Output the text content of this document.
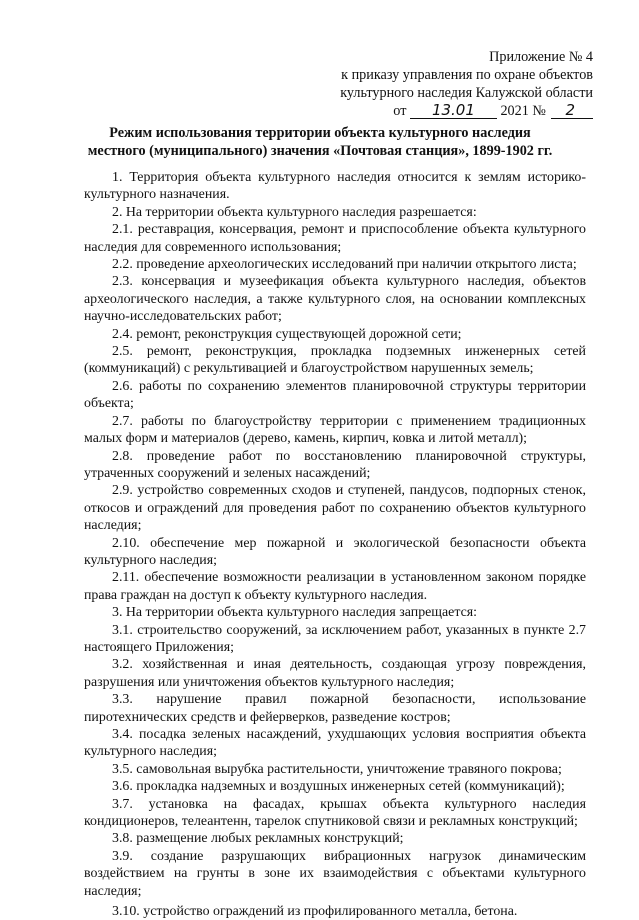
Приложение № 4
к приказу управления по охране объектов
культурного наследия Калужской области
от 13.01 2021 № 2
Режим использования территории объекта культурного наследия местного (муниципального) значения «Почтовая станция», 1899-1902 гг.

1. Территория объекта культурного наследия относится к землям историко-культурного назначения.

2. На территории объекта культурного наследия разрешается:

2.1. реставрация, консервация, ремонт и приспособление объекта культурного наследия для современного использования;

2.2. проведение археологических исследований при наличии открытого листа;

2.3. консервация и музеефикация объекта культурного наследия, объектов археологического наследия, а также культурного слоя, на основании комплексных научно-исследовательских работ;

2.4. ремонт, реконструкция существующей дорожной сети;

2.5. ремонт, реконструкция, прокладка подземных инженерных сетей (коммуникаций) с рекультивацией и благоустройством нарушенных земель;

2.6. работы по сохранению элементов планировочной структуры территории объекта;

2.7. работы по благоустройству территории с применением традиционных малых форм и материалов (дерево, камень, кирпич, ковка и литой металл);

2.8. проведение работ по восстановлению планировочной структуры, утраченных сооружений и зеленых насаждений;

2.9. устройство современных сходов и ступеней, пандусов, подпорных стенок, откосов и ограждений для проведения работ по сохранению объектов культурного наследия;

2.10. обеспечение мер пожарной и экологической безопасности объекта культурного наследия;

2.11. обеспечение возможности реализации в установленном законом порядке права граждан на доступ к объекту культурного наследия.

3. На территории объекта культурного наследия запрещается:

3.1. строительство сооружений, за исключением работ, указанных в пункте 2.7 настоящего Приложения;

3.2. хозяйственная и иная деятельность, создающая угрозу повреждения, разрушения или уничтожения объектов культурного наследия;

3.3. нарушение правил пожарной безопасности, использование пиротехнических средств и фейерверков, разведение костров;

3.4. посадка зеленых насаждений, ухудшающих условия восприятия объекта культурного наследия;

3.5. самовольная вырубка растительности, уничтожение травяного покрова;

3.6. прокладка надземных и воздушных инженерных сетей (коммуникаций);

3.7. установка на фасадах, крышах объекта культурного наследия кондиционеров, телеантенн, тарелок спутниковой связи и рекламных конструкций;

3.8. размещение любых рекламных конструкций;

3.9. создание разрушающих вибрационных нагрузок динамическим воздействием на грунты в зоне их взаимодействия с объектами культурного наследия;

3.10. устройство ограждений из профилированного металла, бетона.
